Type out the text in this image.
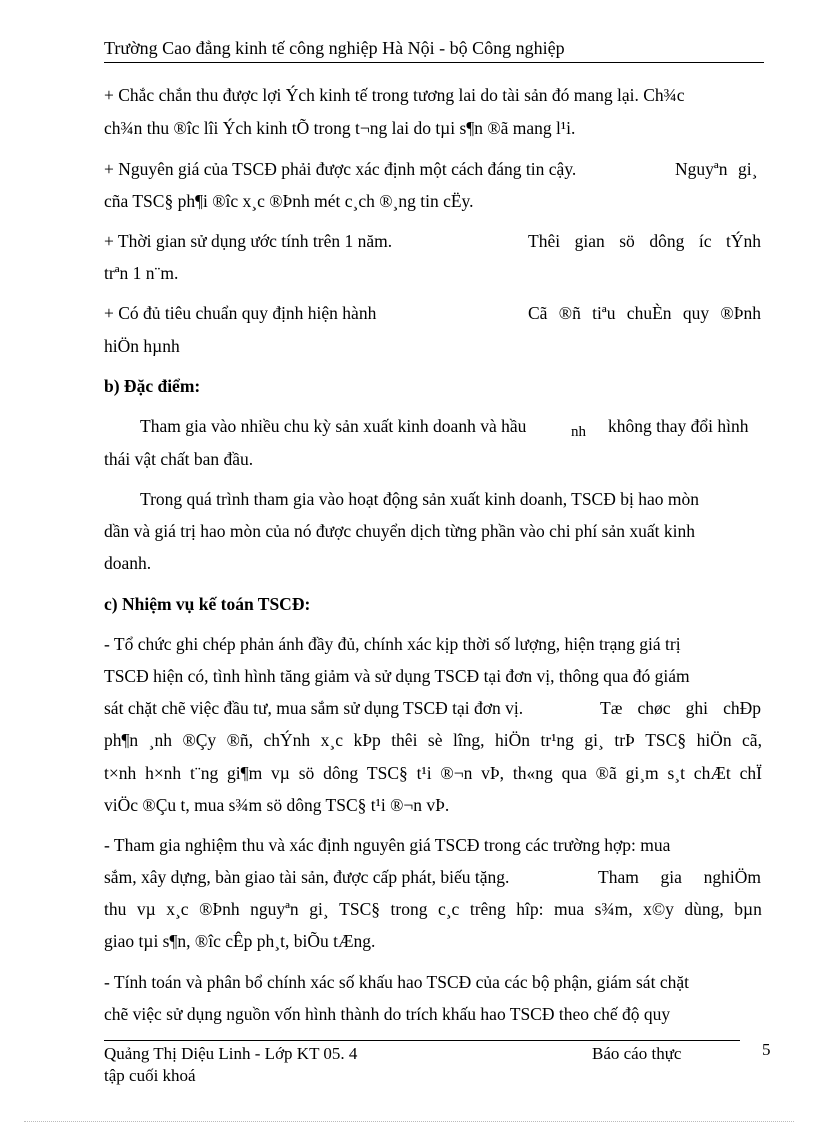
Trường Cao đẳng kinh tế công nghiệp Hà Nội - bộ Công nghiệp
+ Chắc chắn thu được lợi Ých kinh tế trong tương lai do tài sản đó mang lại. Ch¾c
ch¾n thu ®îc lîi Ých kinh tÕ trong t¬ng lai do tµi s¶n ®ã mang l¹i.
+ Nguyên giá của TSCĐ phải được xác định một cách đáng tin cậy.	Nguyªn gi¸
cña TSC§ ph¶i ®îc x¸c ®Þnh mét c¸ch ®¸ng tin cËy.
+ Thời gian sử dụng ước tính trên 1 năm.	Thêi gian sö dông íc tÝnh
trªn 1 n¨m.
+ Có đủ tiêu chuẩn quy định hiện hành	Cã ®ñ tiªu chuÈn quy ®Þnh
hiÖn hµnh
b) Đặc điểm:
Tham gia vào nhiều chu kỳ sản xuất kinh doanh và hầu	nh không thay đổi hình
thái vật chất ban đầu.
Trong quá trình tham gia vào hoạt động sản xuất kinh doanh, TSCĐ bị hao mòn
dần và giá trị hao mòn của nó được chuyển dịch từng phần vào chi phí sản xuất kinh
doanh.
c) Nhiệm vụ kế toán TSCĐ:
- Tổ chức ghi chép phản ánh đầy đủ, chính xác kịp thời số lượng, hiện trạng giá trị
TSCĐ hiện có, tình hình tăng giảm và sử dụng TSCĐ tại đơn vị, thông qua đó giám
sát chặt chẽ việc đầu tư, mua sắm sử dụng TSCĐ tại đơn vị.	Tæ chøc ghi chÐp
ph¶n ¸nh ®Çy ®ñ, chÝnh x¸c kÞp thêi sè lîng, hiÖn tr¹ng gi¸ trÞ TSC§ hiÖn cã,
t×nh h×nh t¨ng gi¶m vµ sö dông TSC§ t¹i ®¬n vÞ, th«ng qua ®ã gi¸m s¸t chÆt chÏ
viÖc ®Çu t, mua s¾m sö dông TSC§ t¹i ®¬n vÞ.
- Tham gia nghiệm thu và xác định nguyên giá TSCĐ trong các trường hợp: mua
sắm, xây dựng, bàn giao tài sản, được cấp phát, biếu tặng.	Tham gia nghiÖm
thu vµ x¸c ®Þnh nguyªn gi¸ TSC§ trong c¸c trêng hîp: mua s¾m, x©y dùng, bµn
giao tµi s¶n, ®îc cÊp ph¸t, biÕu tÆng.
- Tính toán và phân bổ chính xác số khấu hao TSCĐ của các bộ phận, giám sát chặt
chẽ việc sử dụng nguồn vốn hình thành do trích khấu hao TSCĐ theo chế độ quy
Quảng Thị Diệu Linh - Lớp KT 05. 4	Báo cáo thực	5
tập cuối khoá
